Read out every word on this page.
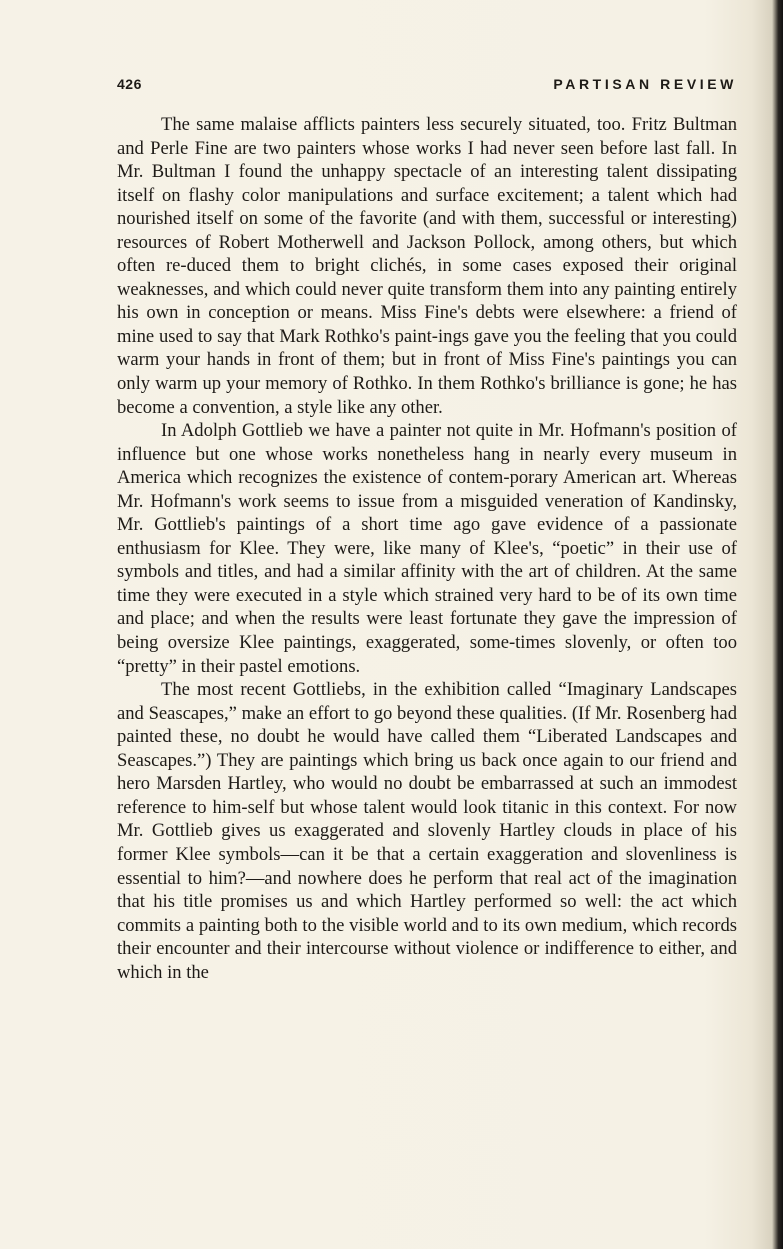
426	PARTISAN REVIEW

The same malaise afflicts painters less securely situated, too. Fritz Bultman and Perle Fine are two painters whose works I had never seen before last fall. In Mr. Bultman I found the unhappy spectacle of an interesting talent dissipating itself on flashy color manipulations and surface excitement; a talent which had nourished itself on some of the favorite (and with them, successful or interesting) resources of Robert Motherwell and Jackson Pollock, among others, but which often re-duced them to bright clichés, in some cases exposed their original weaknesses, and which could never quite transform them into any painting entirely his own in conception or means. Miss Fine's debts were elsewhere: a friend of mine used to say that Mark Rothko's paint-ings gave you the feeling that you could warm your hands in front of them; but in front of Miss Fine's paintings you can only warm up your memory of Rothko. In them Rothko's brilliance is gone; he has become a convention, a style like any other.

In Adolph Gottlieb we have a painter not quite in Mr. Hofmann's position of influence but one whose works nonetheless hang in nearly every museum in America which recognizes the existence of contem-porary American art. Whereas Mr. Hofmann's work seems to issue from a misguided veneration of Kandinsky, Mr. Gottlieb's paintings of a short time ago gave evidence of a passionate enthusiasm for Klee. They were, like many of Klee's, “poetic” in their use of symbols and titles, and had a similar affinity with the art of children. At the same time they were executed in a style which strained very hard to be of its own time and place; and when the results were least fortunate they gave the impression of being oversize Klee paintings, exaggerated, some-times slovenly, or often too “pretty” in their pastel emotions.

The most recent Gottliebs, in the exhibition called “Imaginary Landscapes and Seascapes,” make an effort to go beyond these qualities. (If Mr. Rosenberg had painted these, no doubt he would have called them “Liberated Landscapes and Seascapes.”) They are paintings which bring us back once again to our friend and hero Marsden Hartley, who would no doubt be embarrassed at such an immodest reference to him-self but whose talent would look titanic in this context. For now Mr. Gottlieb gives us exaggerated and slovenly Hartley clouds in place of his former Klee symbols—can it be that a certain exaggeration and slovenliness is essential to him?—and nowhere does he perform that real act of the imagination that his title promises us and which Hartley performed so well: the act which commits a painting both to the visible world and to its own medium, which records their encounter and their intercourse without violence or indifference to either, and which in the
